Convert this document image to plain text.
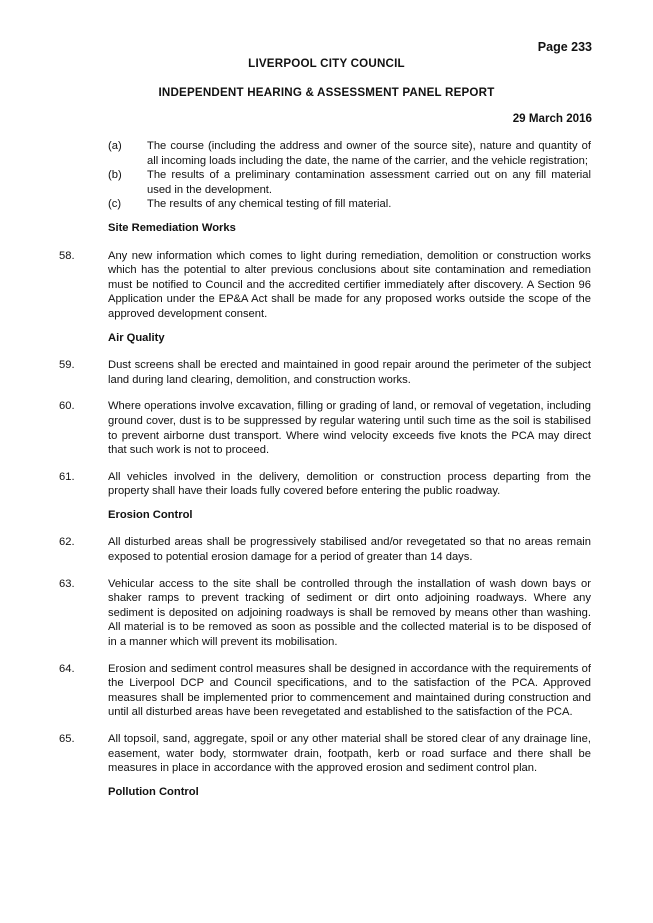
Page 233
LIVERPOOL CITY COUNCIL
INDEPENDENT HEARING & ASSESSMENT PANEL REPORT
29 March 2016
(a) The course (including the address and owner of the source site), nature and quantity of all incoming loads including the date, the name of the carrier, and the vehicle registration;
(b) The results of a preliminary contamination assessment carried out on any fill material used in the development.
(c) The results of any chemical testing of fill material.

Site Remediation Works

58.	Any new information which comes to light during remediation, demolition or construction works which has the potential to alter previous conclusions about site contamination and remediation must be notified to Council and the accredited certifier immediately after discovery. A Section 96 Application under the EP&A Act shall be made for any proposed works outside the scope of the approved development consent.

Air Quality

59.	Dust screens shall be erected and maintained in good repair around the perimeter of the subject land during land clearing, demolition, and construction works.
60.	Where operations involve excavation, filling or grading of land, or removal of vegetation, including ground cover, dust is to be suppressed by regular watering until such time as the soil is stabilised to prevent airborne dust transport. Where wind velocity exceeds five knots the PCA may direct that such work is not to proceed.
61.	All vehicles involved in the delivery, demolition or construction process departing from the property shall have their loads fully covered before entering the public roadway.

Erosion Control

62.	All disturbed areas shall be progressively stabilised and/or revegetated so that no areas remain exposed to potential erosion damage for a period of greater than 14 days.
63.	Vehicular access to the site shall be controlled through the installation of wash down bays or shaker ramps to prevent tracking of sediment or dirt onto adjoining roadways. Where any sediment is deposited on adjoining roadways is shall be removed by means other than washing. All material is to be removed as soon as possible and the collected material is to be disposed of in a manner which will prevent its mobilisation.
64.	Erosion and sediment control measures shall be designed in accordance with the requirements of the Liverpool DCP and Council specifications, and to the satisfaction of the PCA. Approved measures shall be implemented prior to commencement and maintained during construction and until all disturbed areas have been revegetated and established to the satisfaction of the PCA.
65.	All topsoil, sand, aggregate, spoil or any other material shall be stored clear of any drainage line, easement, water body, stormwater drain, footpath, kerb or road surface and there shall be measures in place in accordance with the approved erosion and sediment control plan.

Pollution Control
